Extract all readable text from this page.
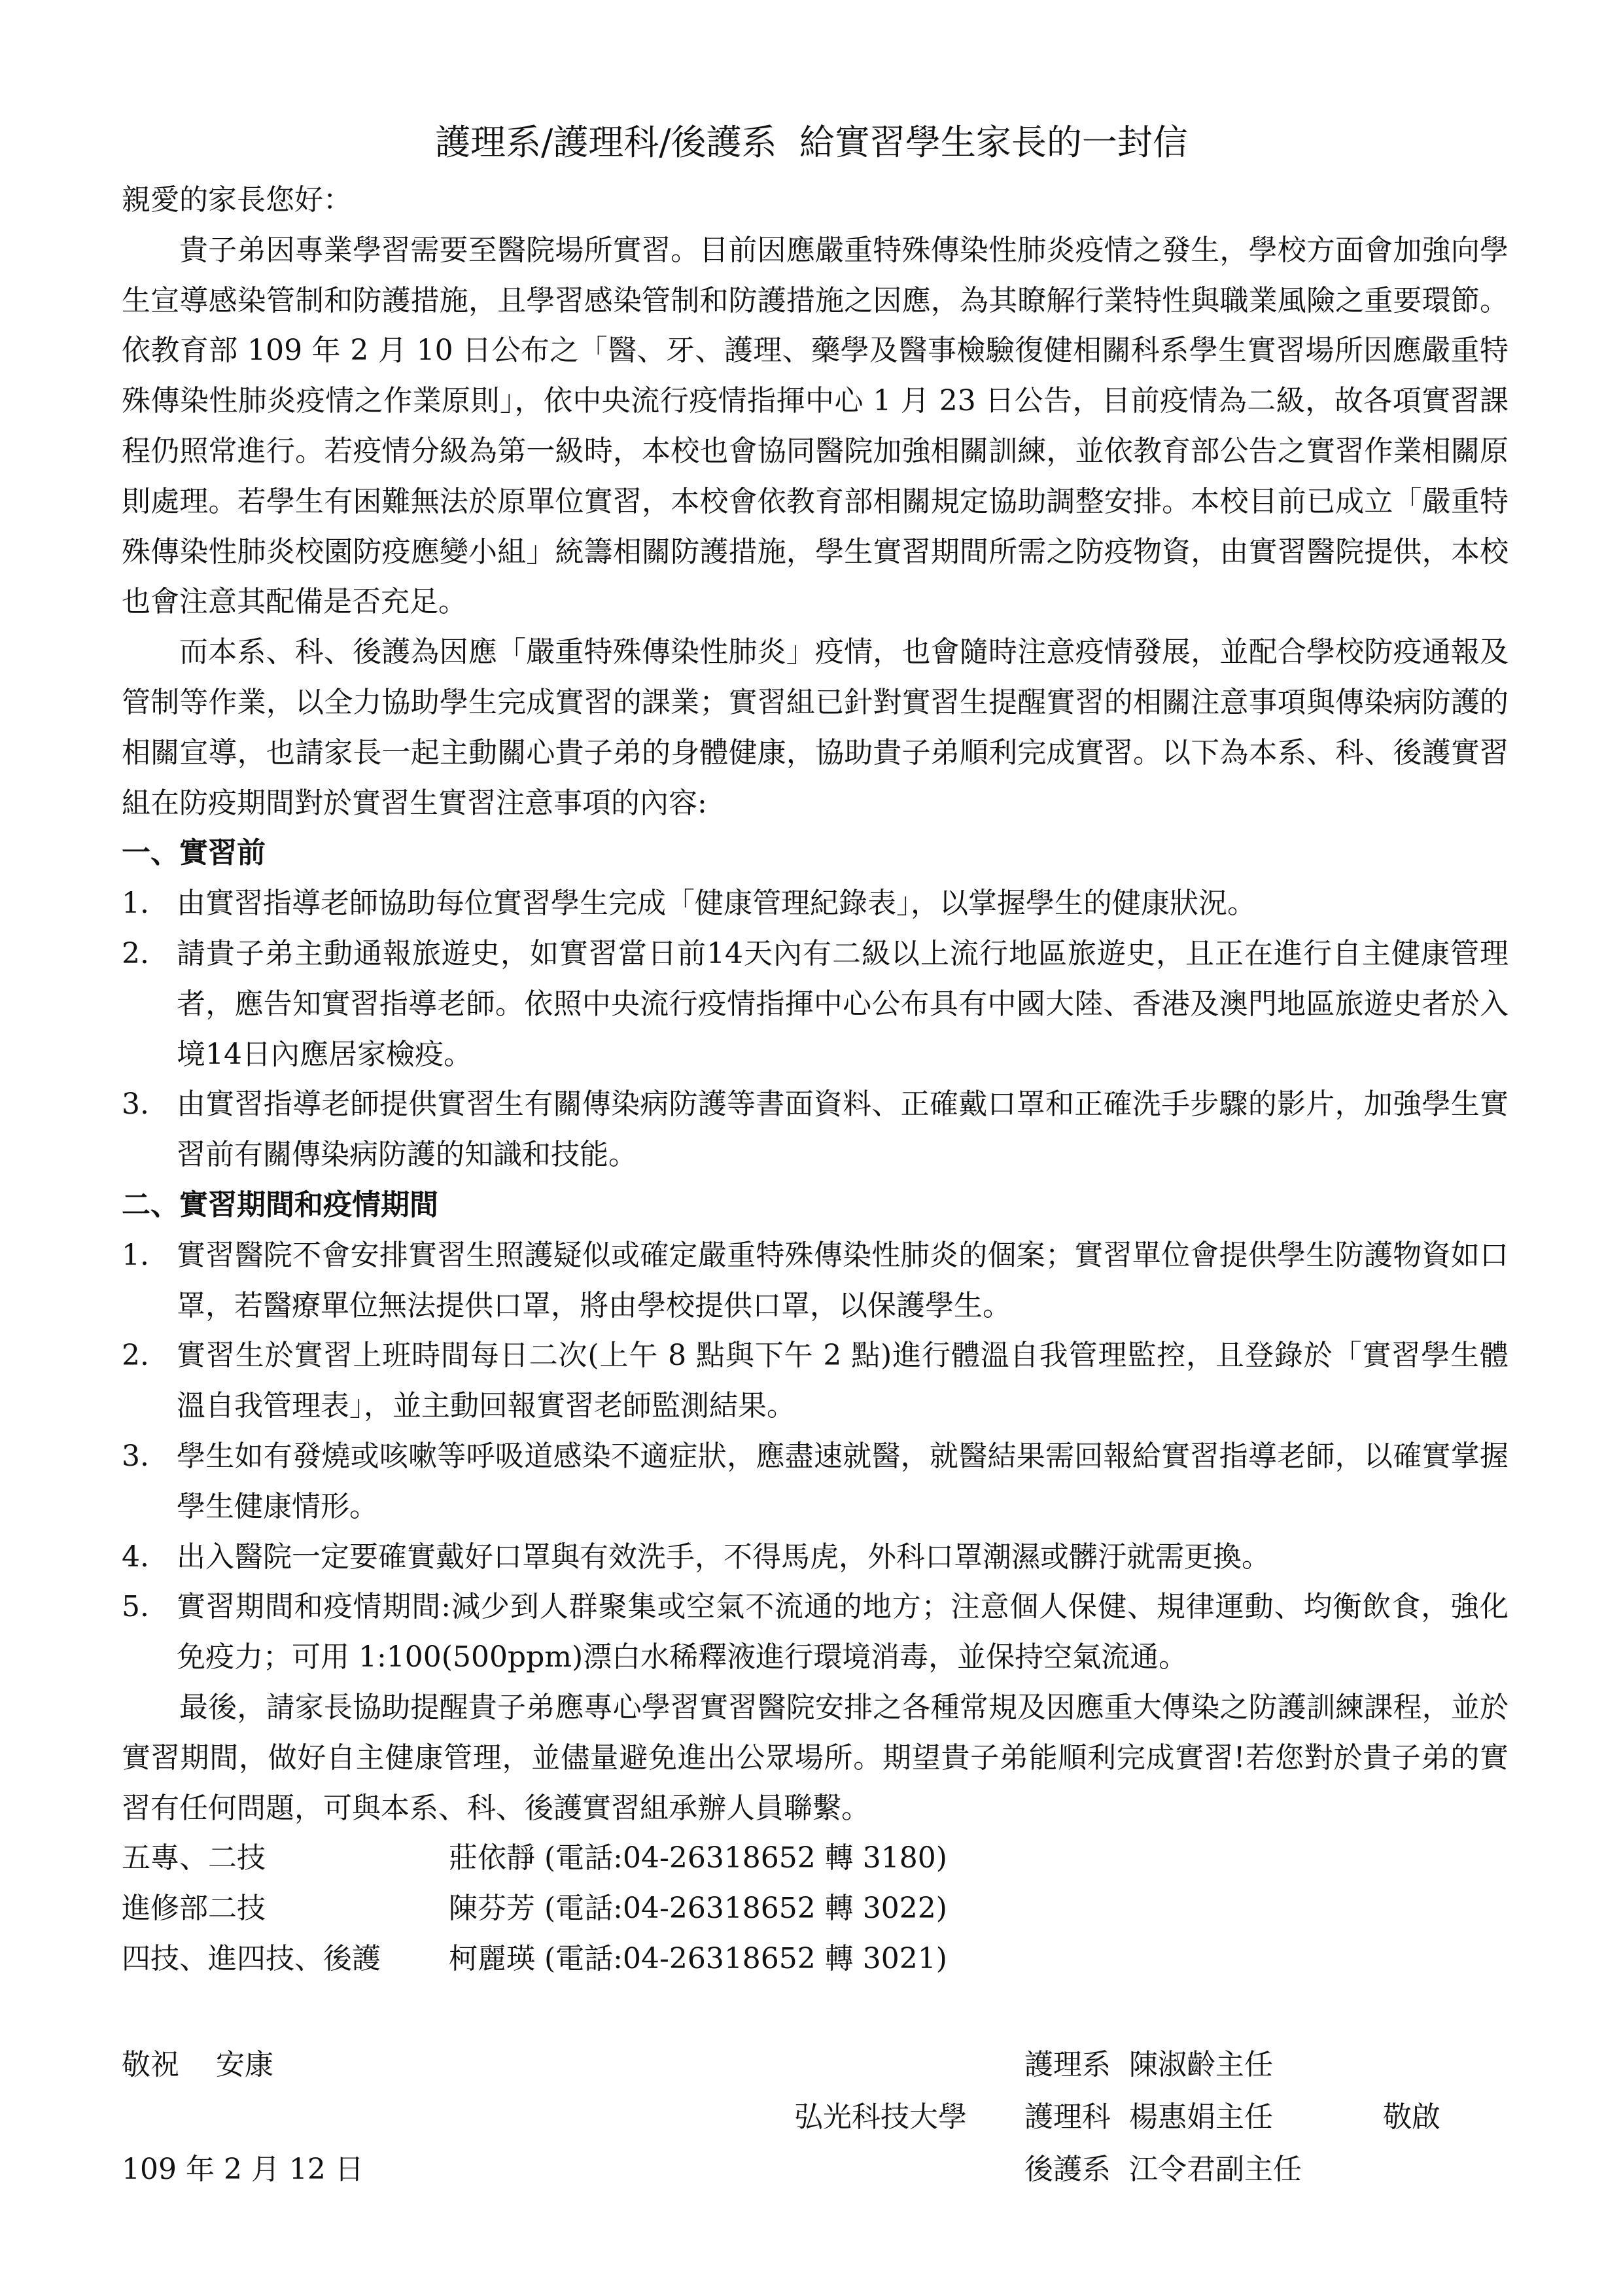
護理系/護理科/後護系  給實習學生家長的一封信

親愛的家長您好：

貴子弟因專業學習需要至醫院場所實習。目前因應嚴重特殊傳染性肺炎疫情之發生，學校方面會加強向學生宣導感染管制和防護措施，且學習感染管制和防護措施之因應，為其瞭解行業特性與職業風險之重要環節。依教育部 109 年 2 月 10 日公布之「醫、牙、護理、藥學及醫事檢驗復健相關科系學生實習場所因應嚴重特殊傳染性肺炎疫情之作業原則」，依中央流行疫情指揮中心 1 月 23 日公告，目前疫情為二級，故各項實習課程仍照常進行。若疫情分級為第一級時，本校也會協同醫院加強相關訓練，並依教育部公告之實習作業相關原則處理。若學生有困難無法於原單位實習，本校會依教育部相關規定協助調整安排。本校目前已成立「嚴重特殊傳染性肺炎校園防疫應變小組」統籌相關防護措施，學生實習期間所需之防疫物資，由實習醫院提供，本校也會注意其配備是否充足。

而本系、科、後護為因應「嚴重特殊傳染性肺炎」疫情，也會隨時注意疫情發展，並配合學校防疫通報及管制等作業，以全力協助學生完成實習的課業；實習組已針對實習生提醒實習的相關注意事項與傳染病防護的相關宣導，也請家長一起主動關心貴子弟的身體健康，協助貴子弟順利完成實習。以下為本系、科、後護實習組在防疫期間對於實習生實習注意事項的內容:

一、實習前

1. 由實習指導老師協助每位實習學生完成「健康管理紀錄表」，以掌握學生的健康狀況。
2. 請貴子弟主動通報旅遊史，如實習當日前14天內有二級以上流行地區旅遊史，且正在進行自主健康管理者，應告知實習指導老師。依照中央流行疫情指揮中心公布具有中國大陸、香港及澳門地區旅遊史者於入境14日內應居家檢疫。
3. 由實習指導老師提供實習生有關傳染病防護等書面資料、正確戴口罩和正確洗手步驟的影片，加強學生實習前有關傳染病防護的知識和技能。

二、實習期間和疫情期間

1. 實習醫院不會安排實習生照護疑似或確定嚴重特殊傳染性肺炎的個案；實習單位會提供學生防護物資如口罩，若醫療單位無法提供口罩，將由學校提供口罩，以保護學生。
2. 實習生於實習上班時間每日二次(上午 8 點與下午 2 點)進行體溫自我管理監控，且登錄於「實習學生體溫自我管理表」，並主動回報實習老師監測結果。
3. 學生如有發燒或咳嗽等呼吸道感染不適症狀，應盡速就醫，就醫結果需回報給實習指導老師，以確實掌握學生健康情形。
4. 出入醫院一定要確實戴好口罩與有效洗手，不得馬虎，外科口罩潮濕或髒汙就需更換。
5. 實習期間和疫情期間:減少到人群聚集或空氣不流通的地方；注意個人保健、規律運動、均衡飲食，強化免疫力；可用 1:100(500ppm)漂白水稀釋液進行環境消毒，並保持空氣流通。

最後，請家長協助提醒貴子弟應專心學習實習醫院安排之各種常規及因應重大傳染之防護訓練課程，並於實習期間，做好自主健康管理，並儘量避免進出公眾場所。期望貴子弟能順利完成實習!若您對於貴子弟的實習有任何問題，可與本系、科、後護實習組承辦人員聯繫。

五專、二技	莊依靜 (電話:04-26318652 轉 3180)
進修部二技	陳芬芳 (電話:04-26318652 轉 3022)
四技、進四技、後護	柯麗瑛 (電話:04-26318652 轉 3021)
敬祝    安康	護理系  陳淑齡主任
弘光科技大學 護理科  楊惠娟主任	敬啟
109 年 2 月 12 日	後護系  江令君副主任
